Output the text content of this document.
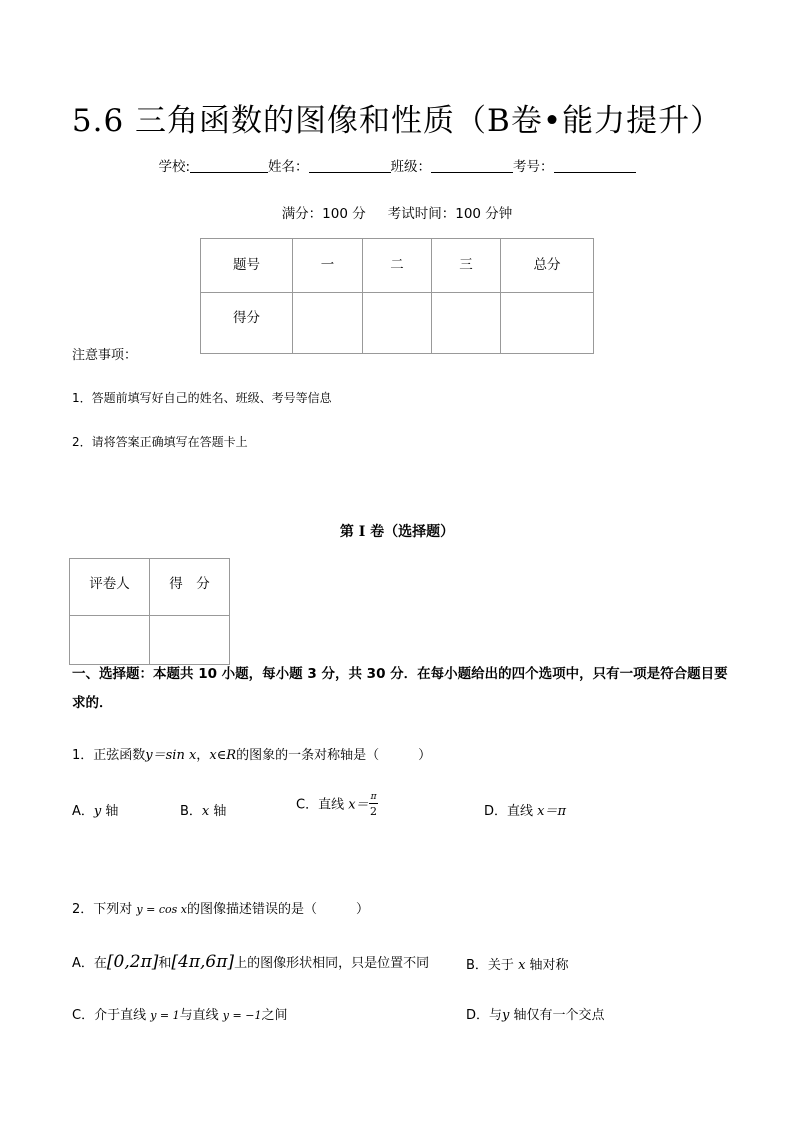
5.6 三角函数的图像和性质（B卷•能力提升）
学校:	姓名：	班级：	考号：
满分：100 分 考试时间：100 分钟
题号	一	二	三	总分
得分				
注意事项：
1．答题前填写好自己的姓名、班级、考号等信息
2．请将答案正确填写在答题卡上
第 I 卷（选择题）
评卷人	得　分

一、选择题：本题共 10 小题，每小题 3 分，共 30 分．在每小题给出的四个选项中，只有一项是符合题目要求的．
1．正弦函数y＝sin x，x∈R的图象的一条对称轴是（　　　）
A．y 轴	B．x 轴	C．直线 $x= \frac{\pi}{2}$	D．直线 x＝π
2．下列对 y = cos x的图像描述错误的是（　　　）
A．在[0,2π]和[4π,6π]上的图像形状相同，只是位置不同	B．关于 x 轴对称
C．介于直线 y = 1与直线 y = −1之间	D．与y 轴仅有一个交点
